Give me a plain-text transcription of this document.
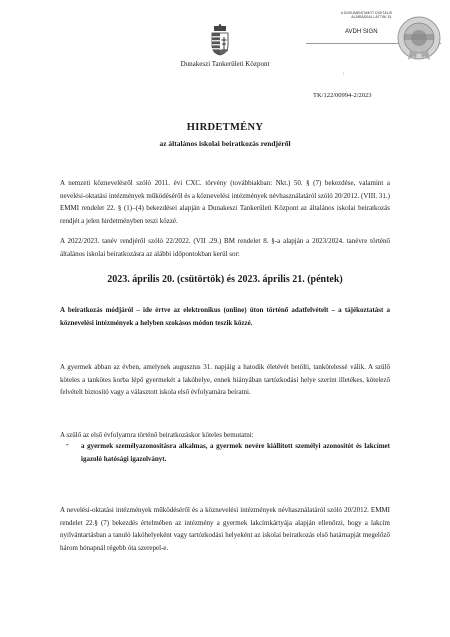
Dunakeszi Tankerületi Központ
A DOKUMENTUMOT DIGITÁLIS
ALÁÍRÁSSAL LÁTTÁK EL
AVDH SIGN
:
TK/122/00994-2/2023
HIRDETMÉNY
az általános iskolai beiratkozás rendjéről
A nemzeti köznevelésről szóló 2011. évi CXC. törvény (továbbiakban: Nkt.) 50. § (7) bekezdése, valamint a nevelési-oktatási intézmények működéséről és a köznevelési intézmények névhasználatáról szóló 20/2012. (VIII. 31.) EMMI rendelet 22. § (1)–(4) bekezdései alapján a Dunakeszi Tankerületi Központ az általános iskolai beiratkozás rendjét a jelen hirdetményben teszi közzé.
A 2022/2023. tanév rendjéről szóló 22/2022. (VII .29.) BM rendelet 8. §-a alapján a 2023/2024. tanévre történő általános iskolai beiratkozásra az alábbi időpontokban kerül sor:
2023. április 20. (csütörtök) és 2023. április 21. (péntek)
A beiratkozás módjáról – ide értve az elektronikus (online) úton történő adatfelvételt – a tájékoztatást a köznevelési intézmények a helyben szokásos módon teszik közzé.
A gyermek abban az évben, amelynek augusztus 31. napjáig a hatodik életévét betölti, tankötelessé válik. A szülő köteles a tankötes korba lépő gyermekét a lakóhelye, ennek hiányában tartózkodási helye szerint illetékes, kötelező felvételt biztosító vagy a választott iskola első évfolyamára beíratni.
A szülő az első évfolyamra történő beiratkozáskor köteles bemutatni:
- a gyermek személyazonosításra alkalmas, a gyermek nevére kiállított személyi azonosítót és lakcímet igazoló hatósági igazolványt.
A nevelési-oktatási intézmények működéséről és a köznevelési intézmények névhasználatáról szóló 20/2012. EMMI rendelet 22.§ (7) bekezdés értelmében az intézmény a gyermek lakcímkártyája alapján ellenőrzi, hogy a lakcím nyilvántartásban a tanuló lakóhelyeként vagy tartózkodási helyeként az iskolai beiratkozás első határnapját megelőző három hónapnál régebb óta szerepel-e.
